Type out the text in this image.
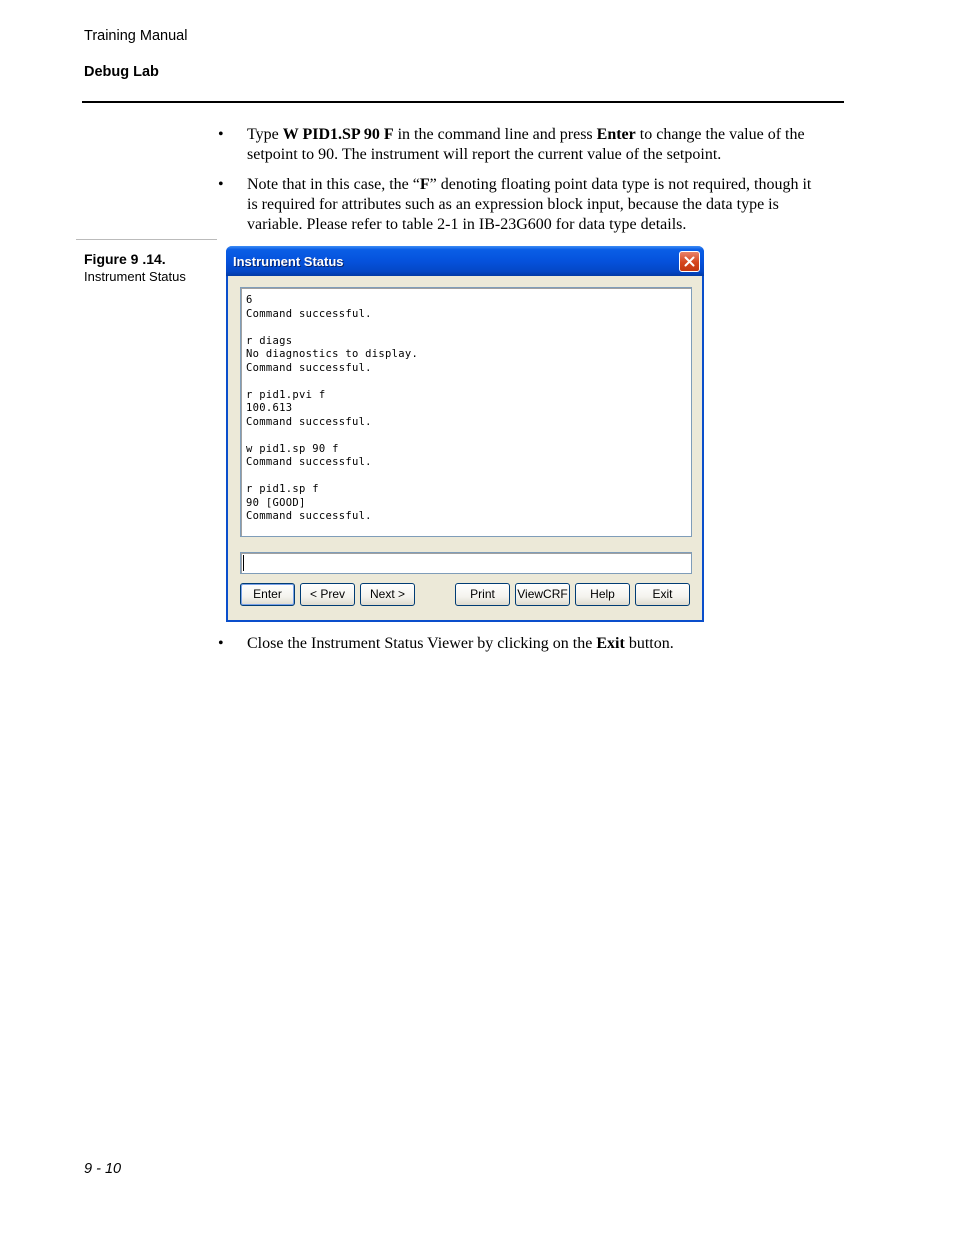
Training Manual
Debug Lab
• Type W PID1.SP 90 F in the command line and press Enter to change the value of the setpoint to 90. The instrument will report the current value of the setpoint.
• Note that in this case, the “F” denoting floating point data type is not required, though it is required for attributes such as an expression block input, because the data type is variable. Please refer to table 2-1 in IB-23G600 for data type details.
Figure 9 .14.
Instrument Status
Instrument Status
6
Command successful.
r diags
No diagnostics to display.
Command successful.
r pid1.pvi f
100.613
Command successful.
w pid1.sp 90 f
Command successful.
r pid1.sp f
90 [GOOD]
Command successful.
Enter	< Prev	Next >	Print	ViewCRF	Help	Exit
• Close the Instrument Status Viewer by clicking on the Exit button.
9 - 10
